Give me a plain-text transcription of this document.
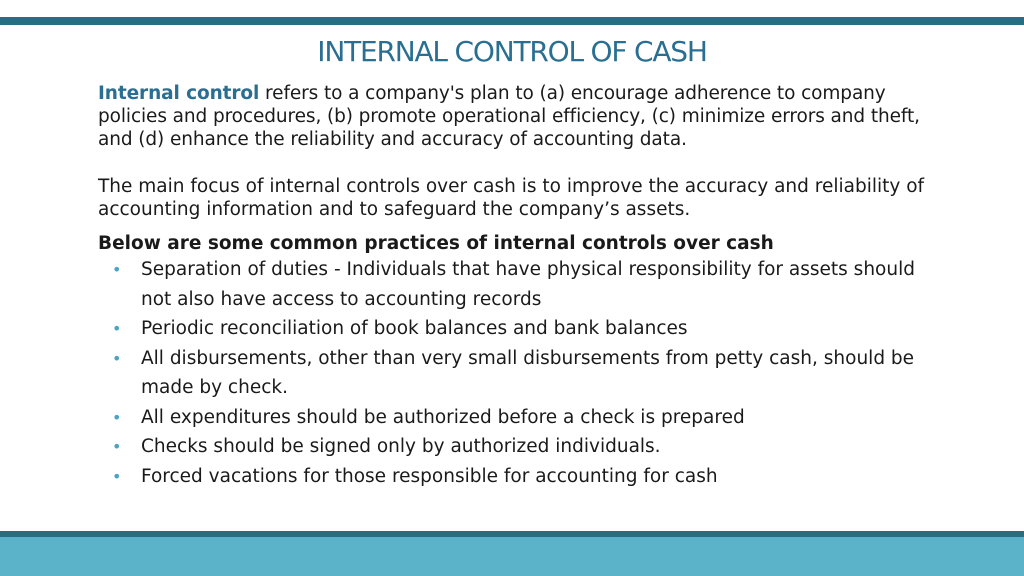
INTERNAL CONTROL OF CASH

Internal control refers to a company's plan to (a) encourage adherence to company policies and procedures, (b) promote operational efficiency, (c) minimize errors and theft, and (d) enhance the reliability and accuracy of accounting data.

The main focus of internal controls over cash is to improve the accuracy and reliability of accounting information and to safeguard the company’s assets.

Below are some common practices of internal controls over cash
• Separation of duties - Individuals that have physical responsibility for assets should not also have access to accounting records
• Periodic reconciliation of book balances and bank balances
• All disbursements, other than very small disbursements from petty cash, should be made by check.
• All expenditures should be authorized before a check is prepared
• Checks should be signed only by authorized individuals.
• Forced vacations for those responsible for accounting for cash
